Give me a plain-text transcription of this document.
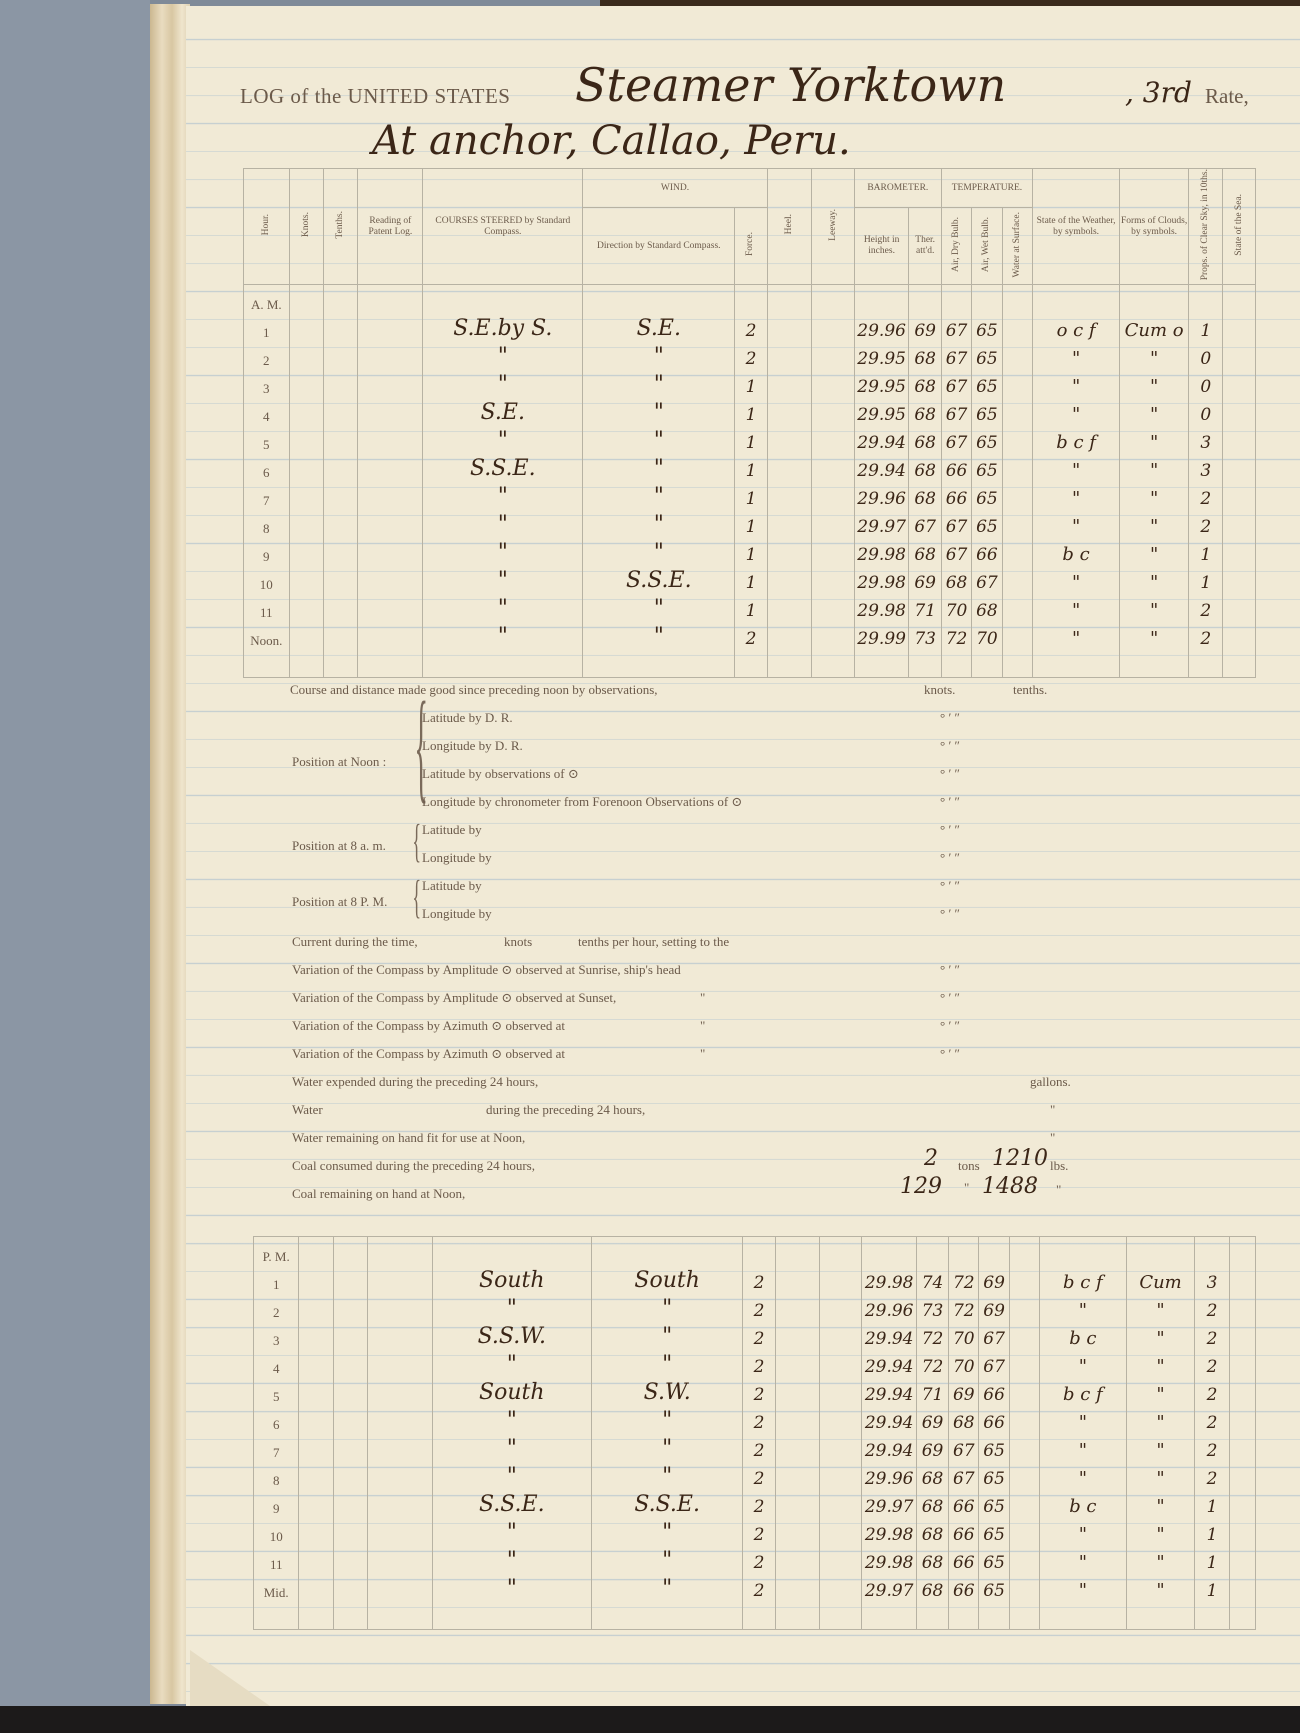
LOG of the UNITED STATES Steamer Yorktown	, 3rd Rate,
At anchor, Callao, Peru.
Hour.	Knots.	Tenths.	Reading of Patent Log.	COURSES STEERED by Standard Compass.	WIND.		Heel.	Leeway.	BAROMETER.		TEMPERATURE.			State of the Weather, by symbols.	Forms of Clouds, by symbols.	Props. of Clear Sky, in 10ths.	State of the Sea.
					Direction by Standard Compass.	Force.			Height in inches.	Ther. att'd.	Air, Dry Bulb.	Air, Wet Bulb.	Water at Surface.				
A. M.																	
1				S.E.by S.	S.E.	2			29.96	69	67	65		o c f	Cum o	1	
2				"	"	2			29.95	68	67	65		"	"	0	
3				"	"	1			29.95	68	67	65		"	"	0	
4				S.E.	"	1			29.95	68	67	65		"	"	0	
5				"	"	1			29.94	68	67	65		b c f	"	3	
6				S.S.E.	"	1			29.94	68	66	65		"	"	3	
7				"	"	1			29.96	68	66	65		"	"	2	
8				"	"	1			29.97	67	67	65		"	"	2	
9				"	"	1			29.98	68	67	66		b c	"	1	
10				"	S.S.E.	1			29.98	69	68	67		"	"	1	
11				"	"	1			29.98	71	70	68		"	"	2	
Noon.				"	"	2			29.99	73	72	70		"	"	2	

Course and distance made good since preceding noon by observations,	knots.	tenths.
Position at Noon : {
Latitude by D. R.
Longitude by D. R.
Latitude by observations of ⊙
Longitude by chronometer from Forenoon Observations of ⊙
Position at 8 a. m. { Latitude by
Longitude by
Position at 8 P. M. { Latitude by
Longitude by
Current during the time,	knots	tenths per hour, setting to the
Variation of the Compass by Amplitude ⊙ observed at Sunrise, ship's head
Variation of the Compass by Amplitude ⊙ observed at Sunset,	"
Variation of the Compass by Azimuth ⊙ observed at	"
Variation of the Compass by Azimuth ⊙ observed at	"
Water expended during the preceding 24 hours,	gallons.
Water	during the preceding 24 hours,	"
Water remaining on hand fit for use at Noon,	"
Coal consumed during the preceding 24 hours,	2 tons 1210 lbs.
Coal remaining on hand at Noon,	129 " 1488 "
° ′ ″
° ′ ″
° ′ ″
° ′ ″
° ′ ″
° ′ ″
° ′ ″
° ′ ″
° ′ ″
° ′ ″
° ′ ″
° ′ ″
P. M.																	
1				South	South	2			29.98	74	72	69		b c f	Cum	3	
2				"	"	2			29.96	73	72	69		"	"	2	
3				S.S.W.	"	2			29.94	72	70	67		b c	"	2	
4				"	"	2			29.94	72	70	67		"	"	2	
5				South	S.W.	2			29.94	71	69	66		b c f	"	2	
6				"	"	2			29.94	69	68	66		"	"	2	
7				"	"	2			29.94	69	67	65		"	"	2	
8				"	"	2			29.96	68	67	65		"	"	2	
9				S.S.E.	S.S.E.	2			29.97	68	66	65		b c	"	1	
10				"	"	2			29.98	68	66	65		"	"	1	
11				"	"	2			29.98	68	66	65		"	"	1	
Mid.				"	"	2			29.97	68	66	65		"	"	1	
